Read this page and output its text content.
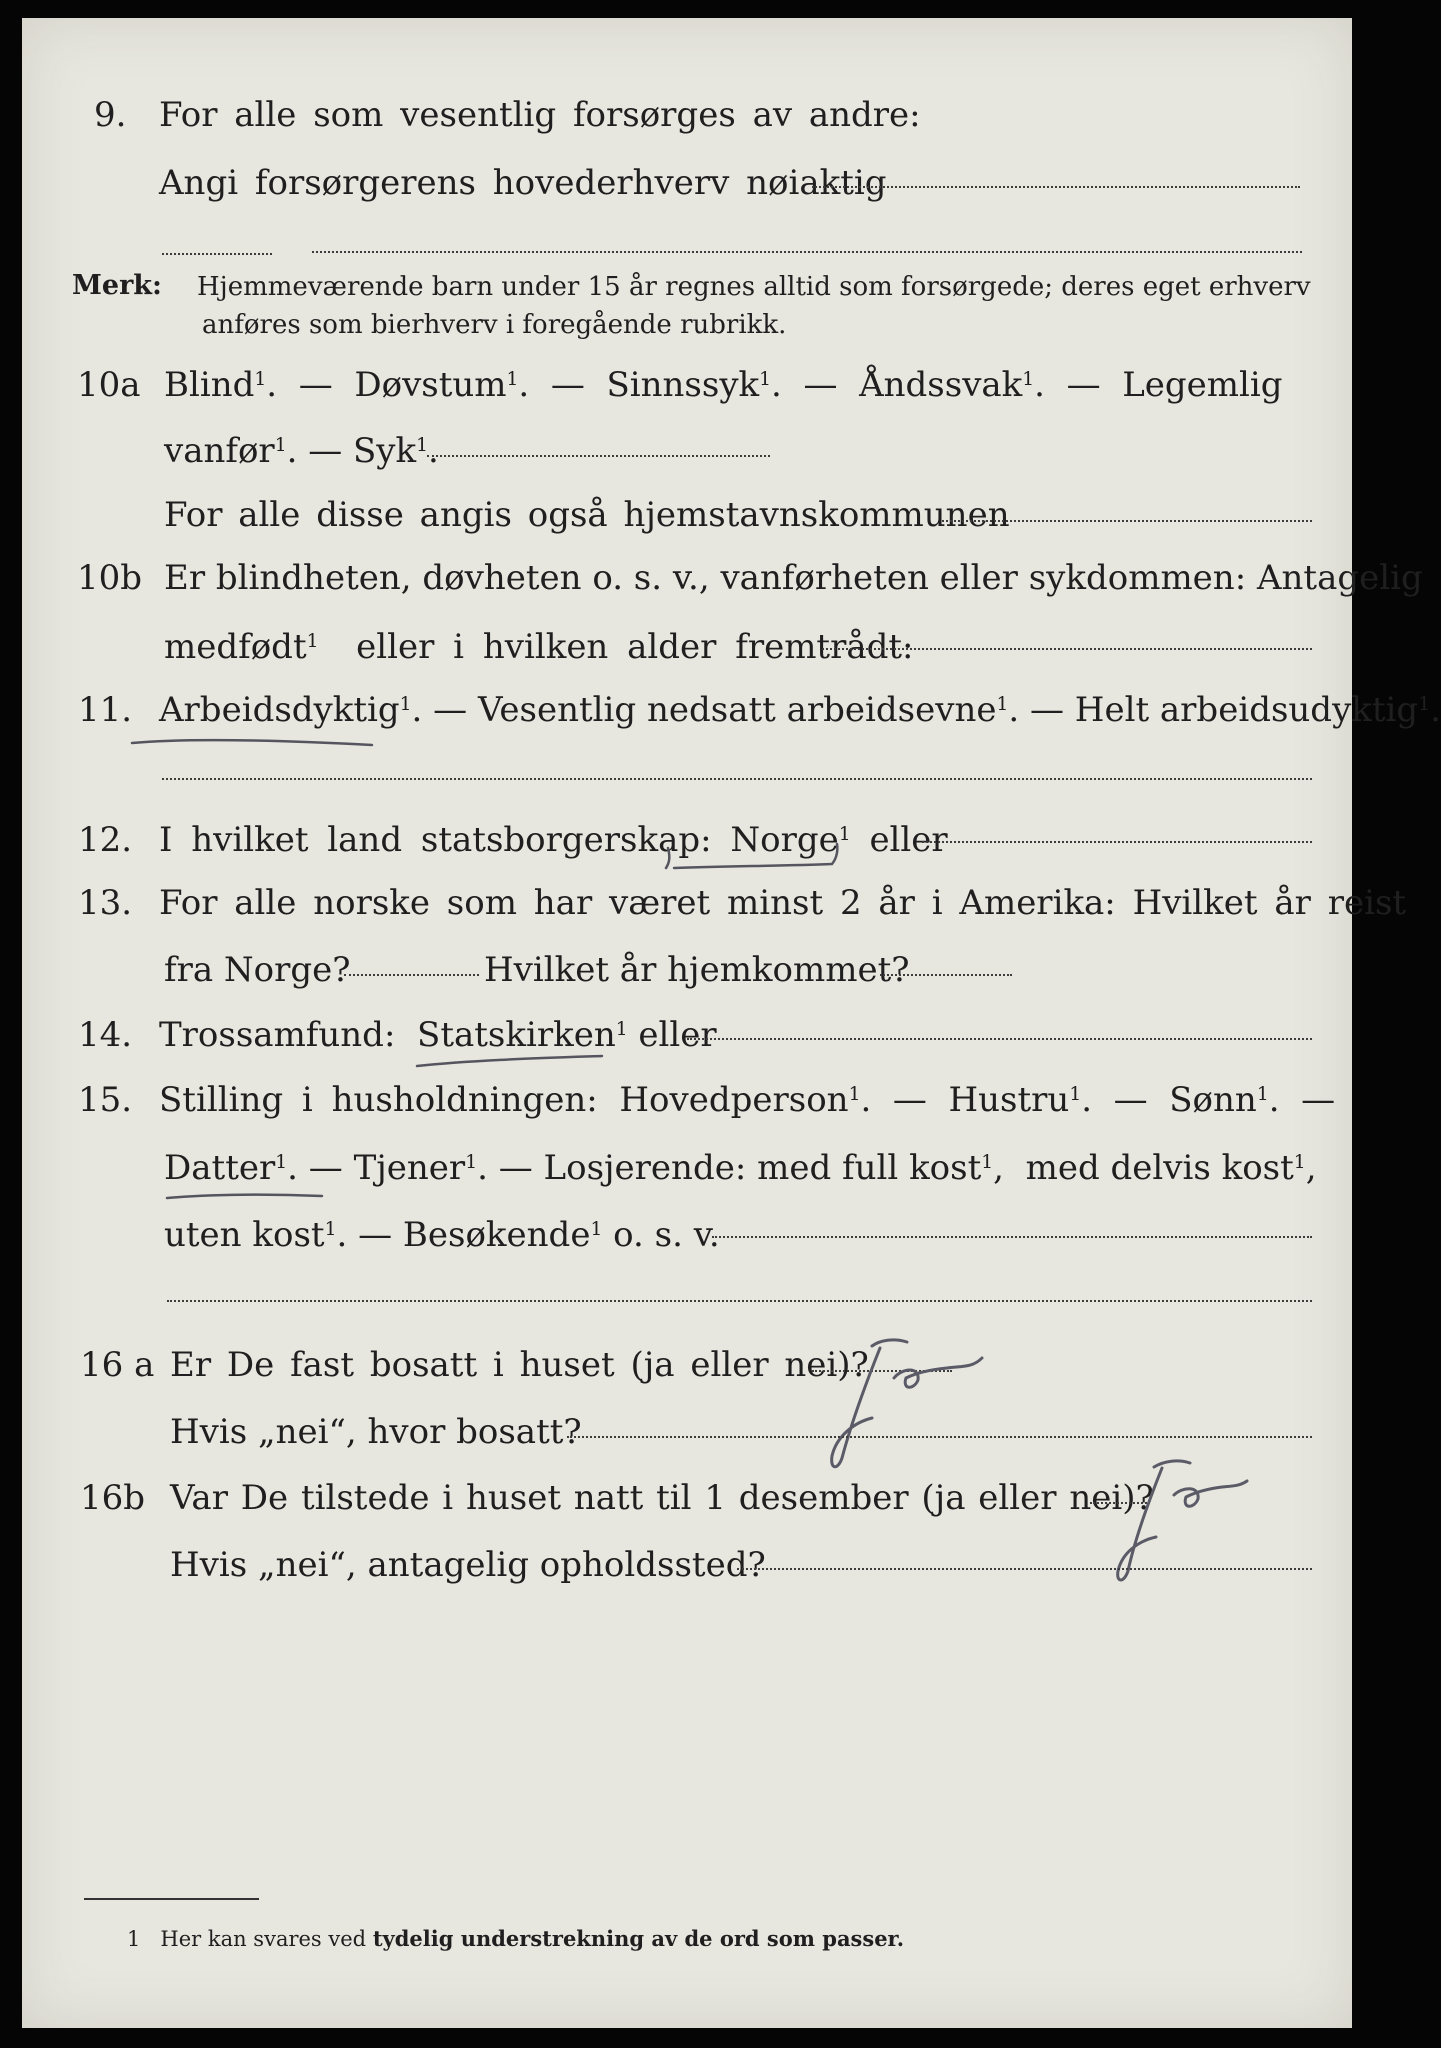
9. For alle som vesentlig forsørges av andre:
Angi forsørgerens hovederhverv nøiaktig
Merk: Hjemmeværende barn under 15 år regnes alltid som forsørgede; deres eget erhverv
anføres som bierhverv i foregående rubrikk.
10a Blind$^1$.  —  Døvstum$^1$.  —  Sinnssyk$^1$.  —  Åndssvak$^1$.  —  Legemlig
vanfør$^1$. — Syk$^1$.
For alle disse angis også hjemstavnskommunen
10b Er blindheten, døvheten o. s. v., vanførheten eller sykdommen: Antagelig
medfødt$^1$ eller i hvilken alder fremtrådt:
11. Arbeidsdyktig$^1$. — Vesentlig nedsatt arbeidsevne$^1$. — Helt arbeidsudyktig$^1$.
12. I hvilket land statsborgerskap: Norge$^1$ eller
13. For alle norske som har været minst 2 år i Amerika: Hvilket år reist
fra Norge?	Hvilket år hjemkommet?
14. Trossamfund: Statskirken$^1$ eller
15. Stilling i husholdningen: Hovedperson$^1$.  —  Hustru$^1$.  —  Sønn$^1$.  —
Datter$^1$. — Tjener$^1$. — Losjerende: med full kost$^1$,  med delvis kost$^1$,
uten kost$^1$. — Besøkende$^1$ o. s. v.
16 a Er De fast bosatt i huset (ja eller nei)?
Hvis „nei“, hvor bosatt?
16b Var De tilstede i huset natt til 1 desember (ja eller nei)?
Hvis „nei“, antagelig opholdssted?
1 Her kan svares ved tydelig understrekning av de ord som passer.
